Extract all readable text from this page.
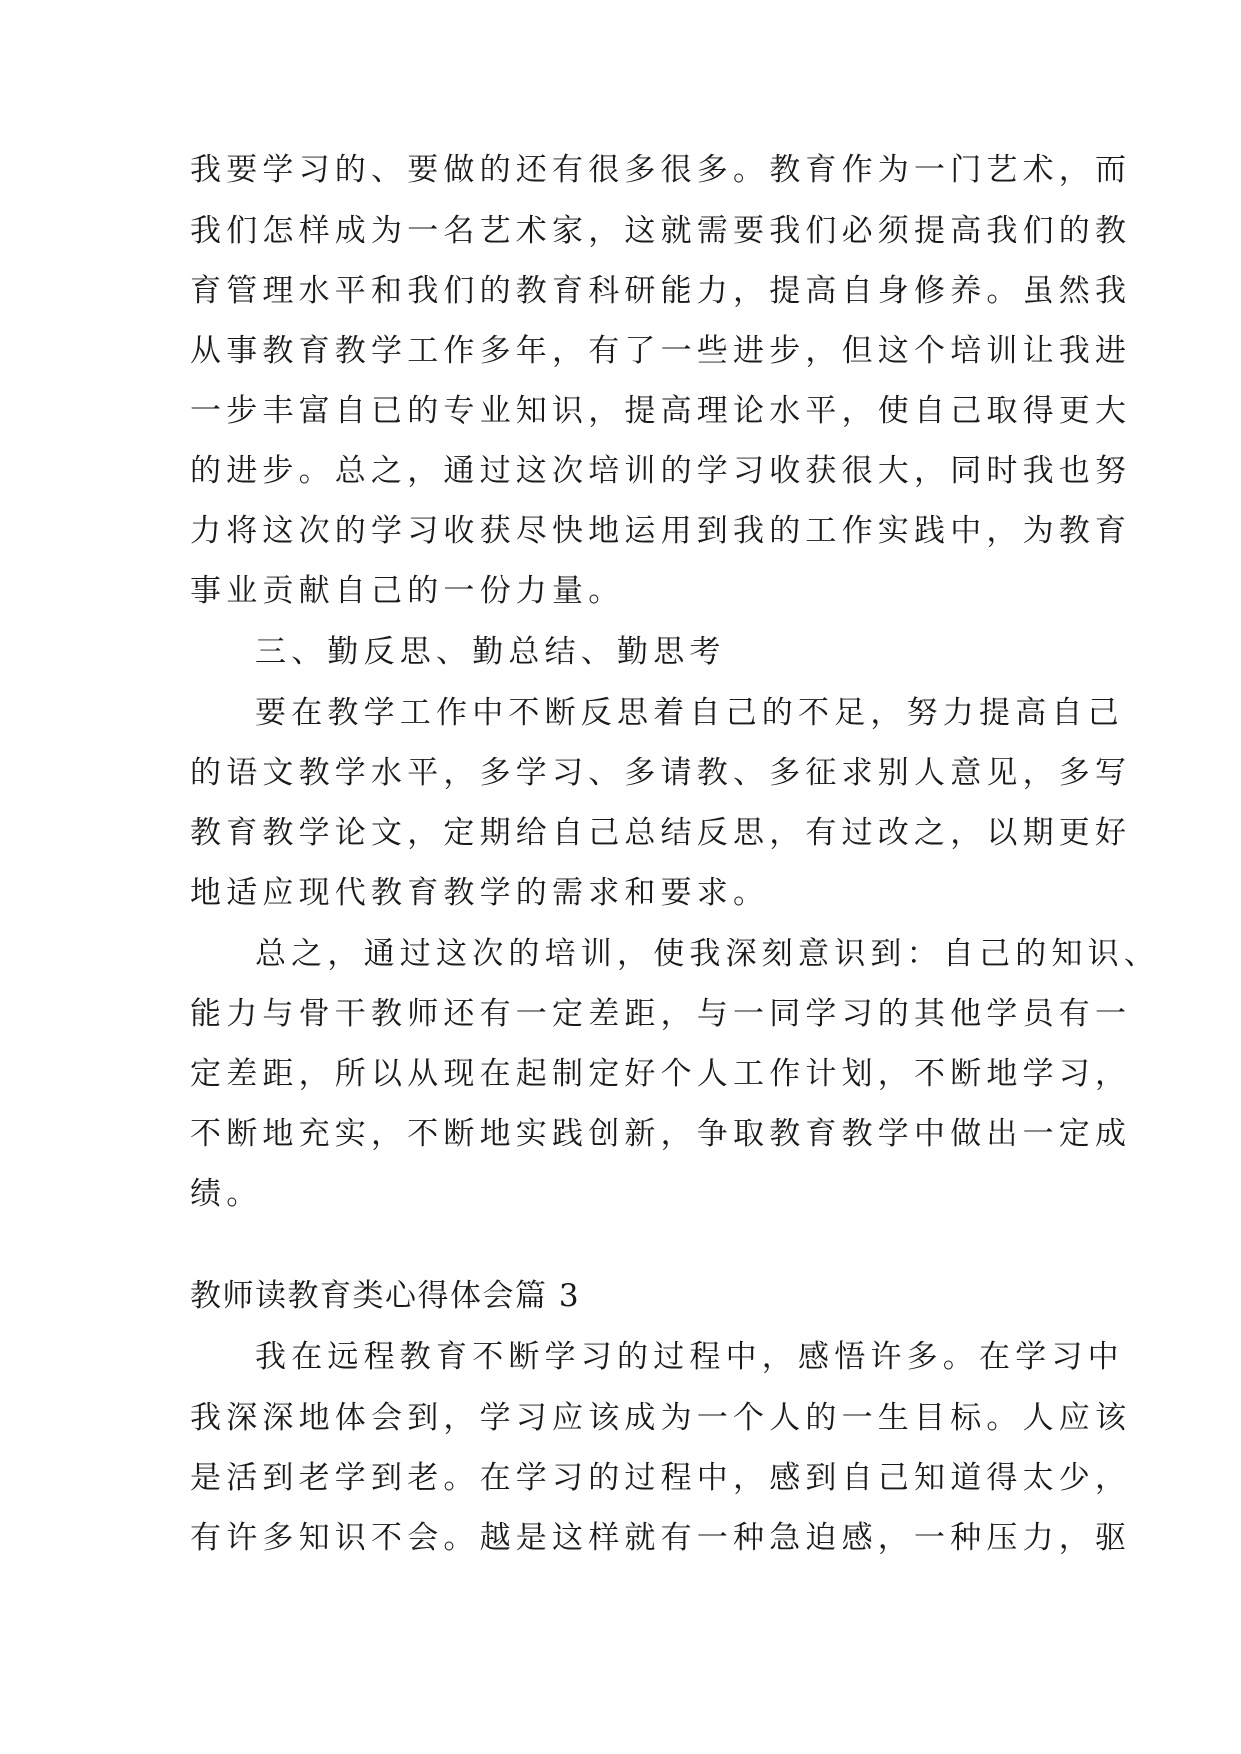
我要学习的、要做的还有很多很多。教育作为一门艺术，而
我们怎样成为一名艺术家，这就需要我们必须提高我们的教
育管理水平和我们的教育科研能力，提高自身修养。虽然我
从事教育教学工作多年，有了一些进步，但这个培训让我进
一步丰富自已的专业知识，提高理论水平，使自己取得更大
的进步。总之，通过这次培训的学习收获很大，同时我也努
力将这次的学习收获尽快地运用到我的工作实践中，为教育
事业贡献自己的一份力量。
三、勤反思、勤总结、勤思考
要在教学工作中不断反思着自己的不足，努力提高自己
的语文教学水平，多学习、多请教、多征求别人意见，多写
教育教学论文，定期给自己总结反思，有过改之，以期更好
地适应现代教育教学的需求和要求。
总之，通过这次的培训，使我深刻意识到：自己的知识、
能力与骨干教师还有一定差距，与一同学习的其他学员有一
定差距，所以从现在起制定好个人工作计划，不断地学习，
不断地充实，不断地实践创新，争取教育教学中做出一定成
绩。
教师读教育类心得体会篇 3
我在远程教育不断学习的过程中，感悟许多。在学习中
我深深地体会到，学习应该成为一个人的一生目标。人应该
是活到老学到老。在学习的过程中，感到自己知道得太少，
有许多知识不会。越是这样就有一种急迫感，一种压力，驱
